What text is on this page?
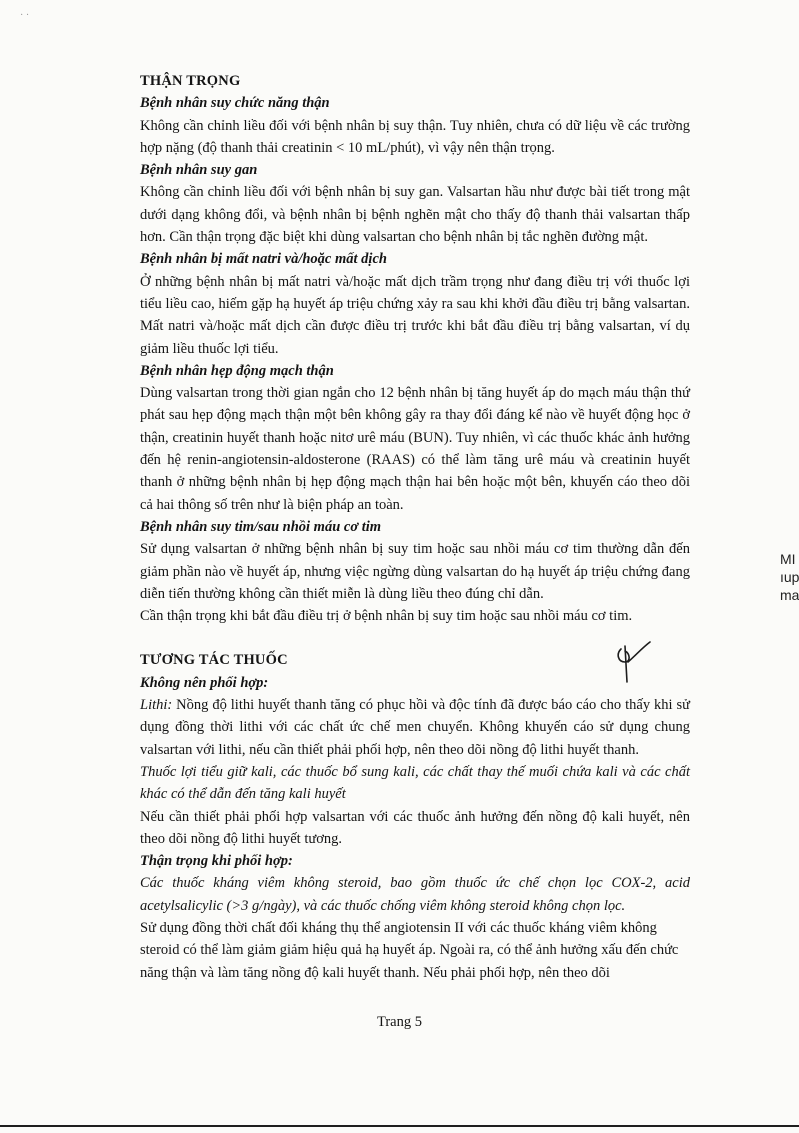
· ·

THẬN TRỌNG

Bệnh nhân suy chức năng thận

Không cần chỉnh liều đối với bệnh nhân bị suy thận. Tuy nhiên, chưa có dữ liệu về các trường hợp nặng (độ thanh thải creatinin < 10 mL/phút), vì vậy nên thận trọng.

Bệnh nhân suy gan

Không cần chỉnh liều đối với bệnh nhân bị suy gan. Valsartan hầu như được bài tiết trong mật dưới dạng không đổi, và bệnh nhân bị bệnh nghẽn mật cho thấy độ thanh thải valsartan thấp hơn. Cần thận trọng đặc biệt khi dùng valsartan cho bệnh nhân bị tắc nghẽn đường mật.

Bệnh nhân bị mất natri và/hoặc mất dịch

Ở những bệnh nhân bị mất natri và/hoặc mất dịch trầm trọng như đang điều trị với thuốc lợi tiểu liều cao, hiếm gặp hạ huyết áp triệu chứng xảy ra sau khi khởi đầu điều trị bằng valsartan. Mất natri và/hoặc mất dịch cần được điều trị trước khi bắt đầu điều trị bằng valsartan, ví dụ giảm liều thuốc lợi tiểu.

Bệnh nhân hẹp động mạch thận

Dùng valsartan trong thời gian ngắn cho 12 bệnh nhân bị tăng huyết áp do mạch máu thận thứ phát sau hẹp động mạch thận một bên không gây ra thay đổi đáng kể nào về huyết động học ở thận, creatinin huyết thanh hoặc nitơ urê máu (BUN). Tuy nhiên, vì các thuốc khác ảnh hưởng đến hệ renin-angiotensin-aldosterone (RAAS) có thể làm tăng urê máu và creatinin huyết thanh ở những bệnh nhân bị hẹp động mạch thận hai bên hoặc một bên, khuyến cáo theo dõi cả hai thông số trên như là biện pháp an toàn.

Bệnh nhân suy tim/sau nhồi máu cơ tim

Sử dụng valsartan ở những bệnh nhân bị suy tim hoặc sau nhồi máu cơ tim thường dẫn đến giảm phần nào về huyết áp, nhưng việc ngừng dùng valsartan do hạ huyết áp triệu chứng đang diễn tiến thường không cần thiết miễn là dùng liều theo đúng chỉ dẫn.

Cần thận trọng khi bắt đầu điều trị ở bệnh nhân bị suy tim hoặc sau nhồi máu cơ tim.

TƯƠNG TÁC THUỐC

Không nên phối hợp:

Lithi: Nồng độ lithi huyết thanh tăng có phục hồi và độc tính đã được báo cáo cho thấy khi sử dụng đồng thời lithi với các chất ức chế men chuyển. Không khuyến cáo sử dụng chung valsartan với lithi, nếu cần thiết phải phối hợp, nên theo dõi nồng độ lithi huyết thanh.

Thuốc lợi tiểu giữ kali, các thuốc bổ sung kali, các chất thay thế muối chứa kali và các chất khác có thể dẫn đến tăng kali huyết

Nếu cần thiết phải phối hợp valsartan với các thuốc ảnh hưởng đến nồng độ kali huyết, nên theo dõi nồng độ lithi huyết tương.

Thận trọng khi phối hợp:

Các thuốc kháng viêm không steroid, bao gồm thuốc ức chế chọn lọc COX-2, acid acetylsalicylic (>3 g/ngày), và các thuốc chống viêm không steroid không chọn lọc.

Sử dụng đồng thời chất đối kháng thụ thể angiotensin II với các thuốc kháng viêm không steroid có thể làm giảm giảm hiệu quả hạ huyết áp. Ngoài ra, có thể ảnh hưởng xấu đến chức năng thận và làm tăng nồng độ kali huyết thanh. Nếu phải phối hợp, nên theo dõi

MI
ıup
ma
Trang 5
